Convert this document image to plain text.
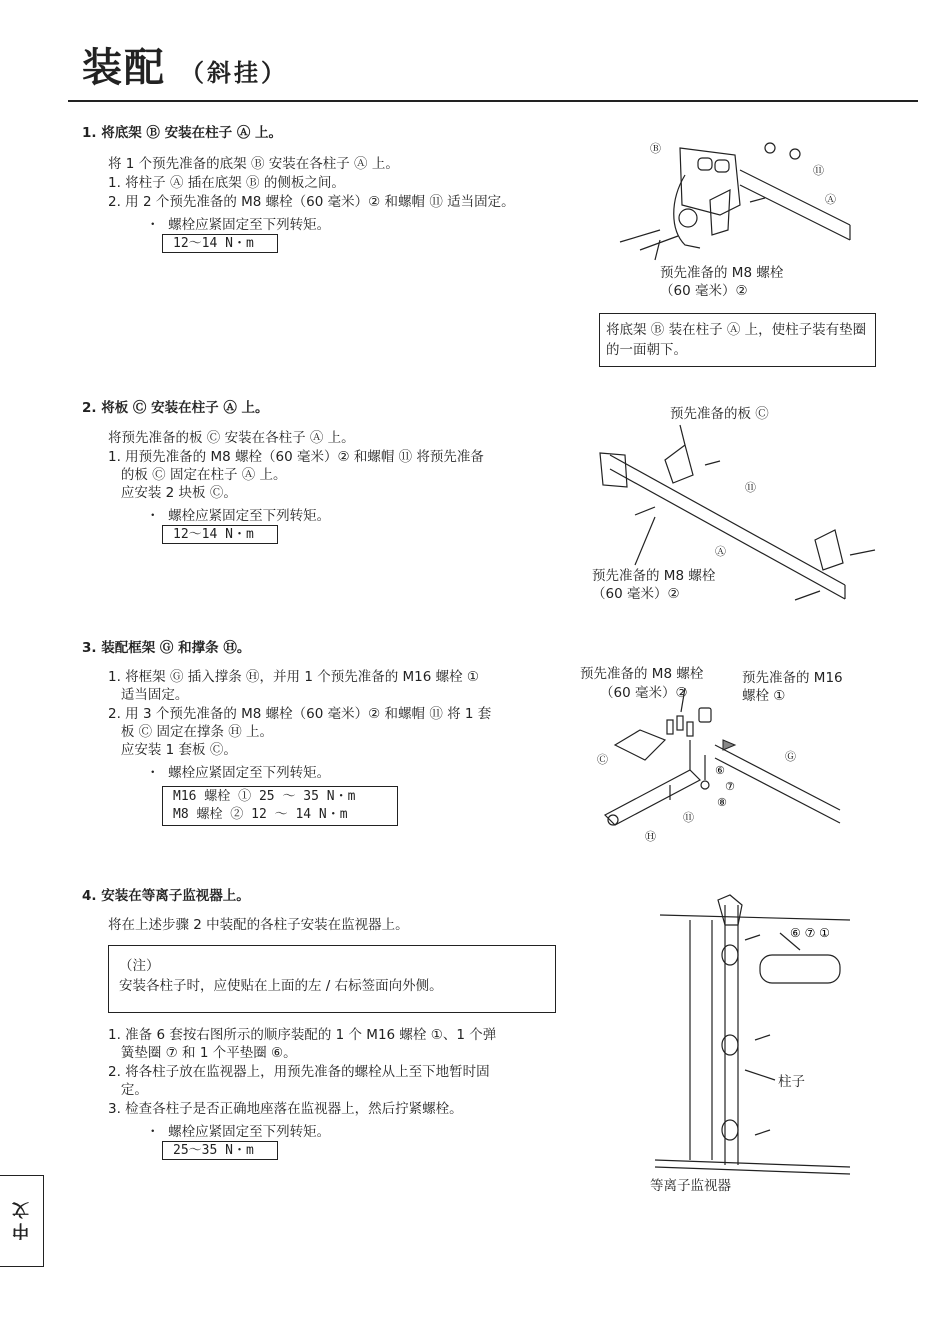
装配 （斜挂）
1. 将底架 Ⓑ 安装在柱子 Ⓐ 上。
将 1 个预先准备的底架 Ⓑ 安装在各柱子 Ⓐ 上。
1. 将柱子 Ⓐ 插在底架 Ⓑ 的侧板之间。
2. 用 2 个预先准备的 M8 螺栓（60 毫米）② 和螺帽 ⑪ 适当固定。
・  螺栓应紧固定至下列转矩。
12〜14 N・m
Ⓑ
⑪
Ⓐ
预先准备的 M8 螺栓
（60 毫米）②
将底架 Ⓑ 装在柱子 Ⓐ 上，使柱子装有垫圈的一面朝下。
2. 将板 Ⓒ 安装在柱子 Ⓐ 上。
将预先准备的板 Ⓒ 安装在各柱子 Ⓐ 上。
1. 用预先准备的 M8 螺栓（60 毫米）② 和螺帽 ⑪ 将预先准备
的板 Ⓒ 固定在柱子 Ⓐ 上。
应安装 2 块板 Ⓒ。
・  螺栓应紧固定至下列转矩。
12〜14 N・m
预先准备的板 Ⓒ
⑪
Ⓐ
预先准备的 M8 螺栓
（60 毫米）②
3. 装配框架 Ⓖ 和撑条 Ⓗ。
1. 将框架 Ⓖ 插入撑条 Ⓗ，并用 1 个预先准备的 M16 螺栓 ①
适当固定。
2. 用 3 个预先准备的 M8 螺栓（60 毫米）② 和螺帽 ⑪ 将 1 套
板 Ⓒ 固定在撑条 Ⓗ 上。
应安装 1 套板 Ⓒ。
・  螺栓应紧固定至下列转矩。
M16 螺栓 ① 25 〜 35 N・m
M8 螺栓 ② 12 〜 14 N・m
预先准备的 M8 螺栓
（60 毫米）②
预先准备的 M16
螺栓 ①
Ⓒ	Ⓖ
⑥
⑦
⑧
⑪
Ⓗ
4. 安装在等离子监视器上。
将在上述步骤 2 中装配的各柱子安装在监视器上。
（注）
安装各柱子时，应使贴在上面的左 / 右标签面向外侧。
1. 准备 6 套按右图所示的顺序装配的 1 个 M16 螺栓 ①、1 个弹
簧垫圈 ⑦ 和 1 个平垫圈 ⑥。
2. 将各柱子放在监视器上，用预先准备的螺栓从上至下地暂时固
定。
3. 检查各柱子是否正确地座落在监视器上，然后拧紧螺栓。
・  螺栓应紧固定至下列转矩。
25〜35 N・m
⑥ ⑦ ①
柱子
等离子监视器
中文
